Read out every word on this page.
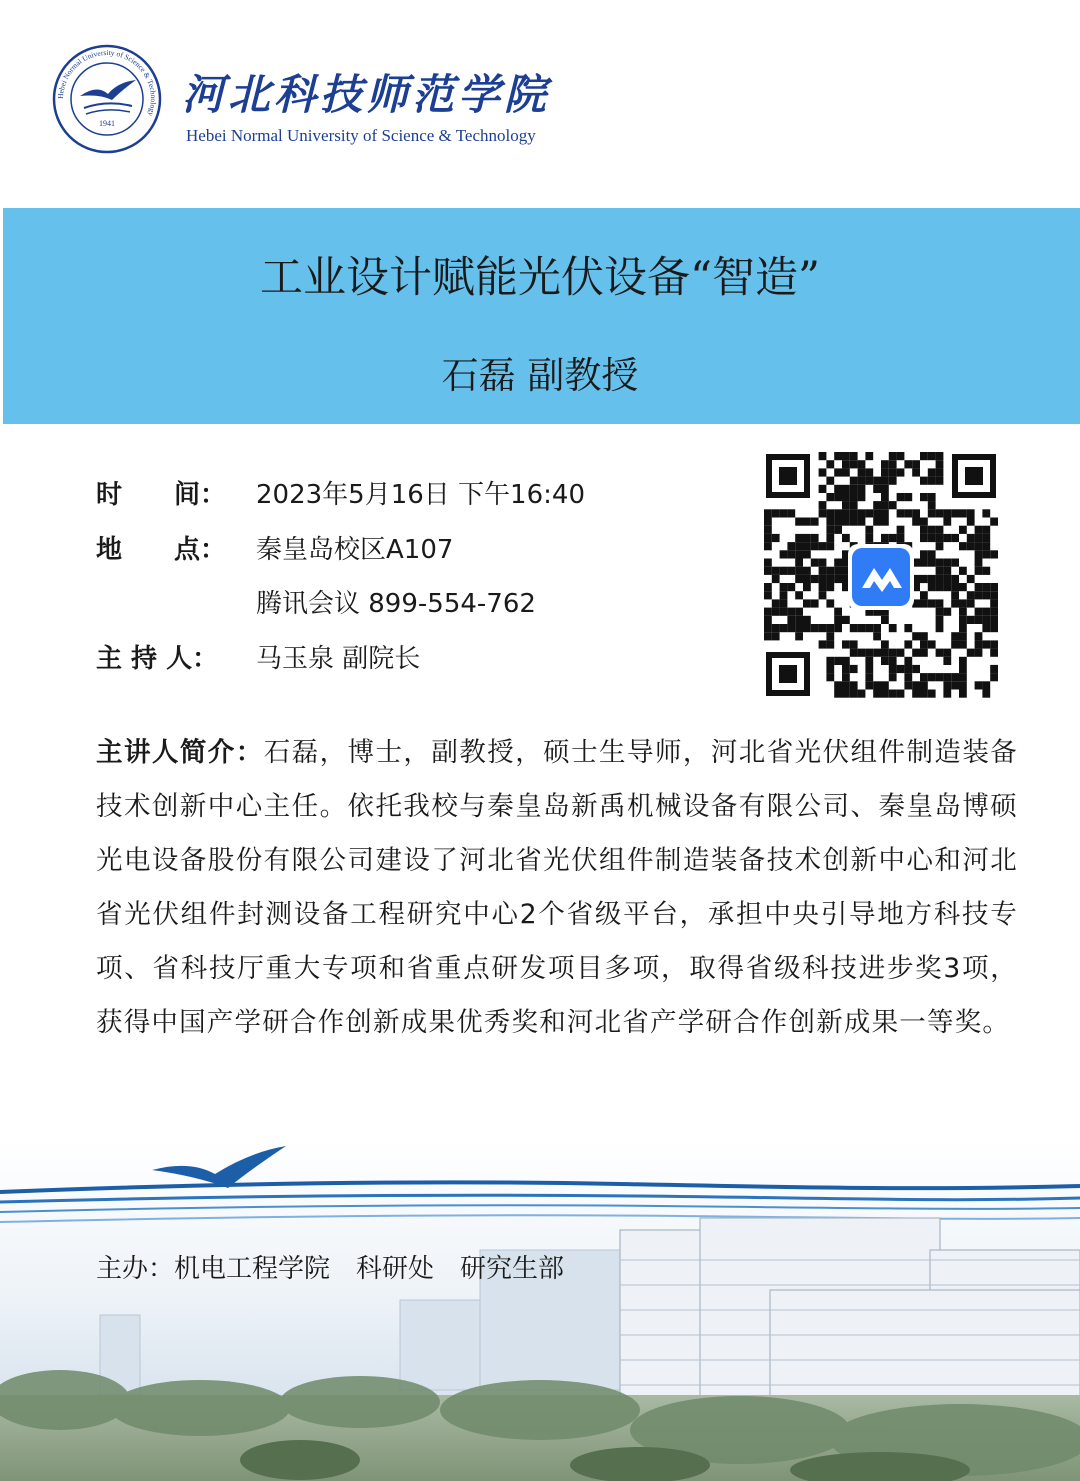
Hebei Normal University of Science & Technology
1941
河北科技师范学院
Hebei Normal University of Science & Technology
工业设计赋能光伏设备“智造”
石磊 副教授
时　　间： 2023年5月16日 下午16:40
地　　点： 秦皇岛校区A107
腾讯会议 899-554-762
主 持 人： 马玉泉 副院长
主讲人简介：石磊，博士，副教授，硕士生导师，河北省光伏组件制造装备技术创新中心主任。依托我校与秦皇岛新禹机械设备有限公司、秦皇岛博硕光电设备股份有限公司建设了河北省光伏组件制造装备技术创新中心和河北省光伏组件封测设备工程研究中心2个省级平台，承担中央引导地方科技专项、省科技厅重大专项和省重点研发项目多项，取得省级科技进步奖3项，获得中国产学研合作创新成果优秀奖和河北省产学研合作创新成果一等奖。
主办：机电工程学院 科研处 研究生部
